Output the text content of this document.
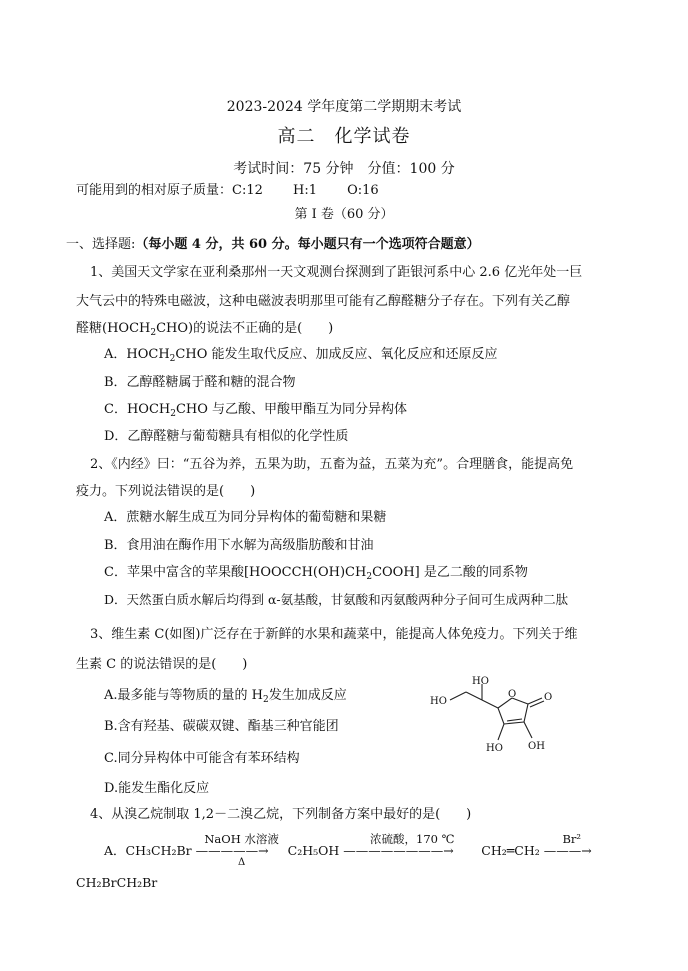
2023-2024 学年度第二学期期末考试
高二　化学试卷
考试时间：75 分钟　分值：100 分
可能用到的相对原子质量：C:12　　 H:1　　 O:16
第 I 卷（60 分）
一、选择题:（每小题 4 分，共 60 分。每小题只有一个选项符合题意）
1、美国天文学家在亚利桑那州一天文观测台探测到了距银河系中心 2.6 亿光年处一巨
大气云中的特殊电磁波，这种电磁波表明那里可能有乙醇醛糖分子存在。下列有关乙醇
醛糖$(HOCH_2CHO)$的说法不正确的是(　　)
A．$HOCH_2CHO$ 能发生取代反应、加成反应、氧化反应和还原反应
B．乙醇醛糖属于醛和糖的混合物
C．$HOCH_2CHO$ 与乙酸、甲酸甲酯互为同分异构体
D．乙醇醛糖与葡萄糖具有相似的化学性质
2、《内经》曰：“五谷为养，五果为助，五畜为益，五菜为充”。合理膳食，能提高免
疫力。下列说法错误的是(　　)
A．蔗糖水解生成互为同分异构体的葡萄糖和果糖
B．食用油在酶作用下水解为高级脂肪酸和甘油
C．苹果中富含的苹果酸$[HOOCCH(OH)CH_2COOH]$ 是乙二酸的同系物
D．天然蛋白质水解后均得到 α-氨基酸，甘氨酸和丙氨酸两种分子间可生成两种二肽
3、维生素 C(如图)广泛存在于新鲜的水果和蔬菜中，能提高人体免疫力。下列关于维
生素 C 的说法错误的是(　　)
A.最多能与等物质的量的 $H_2$发生加成反应
B.含有羟基、碳碳双键、酯基三种官能团
C.同分异构体中可能含有苯环结构
D.能发生酯化反应
HO
HO
O	O
HO	OH
4、从溴乙烷制取 1,2－二溴乙烷，下列制备方案中最好的是(　　)
A．CH₃CH₂Br
NaOH 水溶液
—————→
Δ
C₂H₅OH
浓硫酸，170 ℃
————————→CH₂═CH₂
Br²
———→
CH₂BrCH₂Br
